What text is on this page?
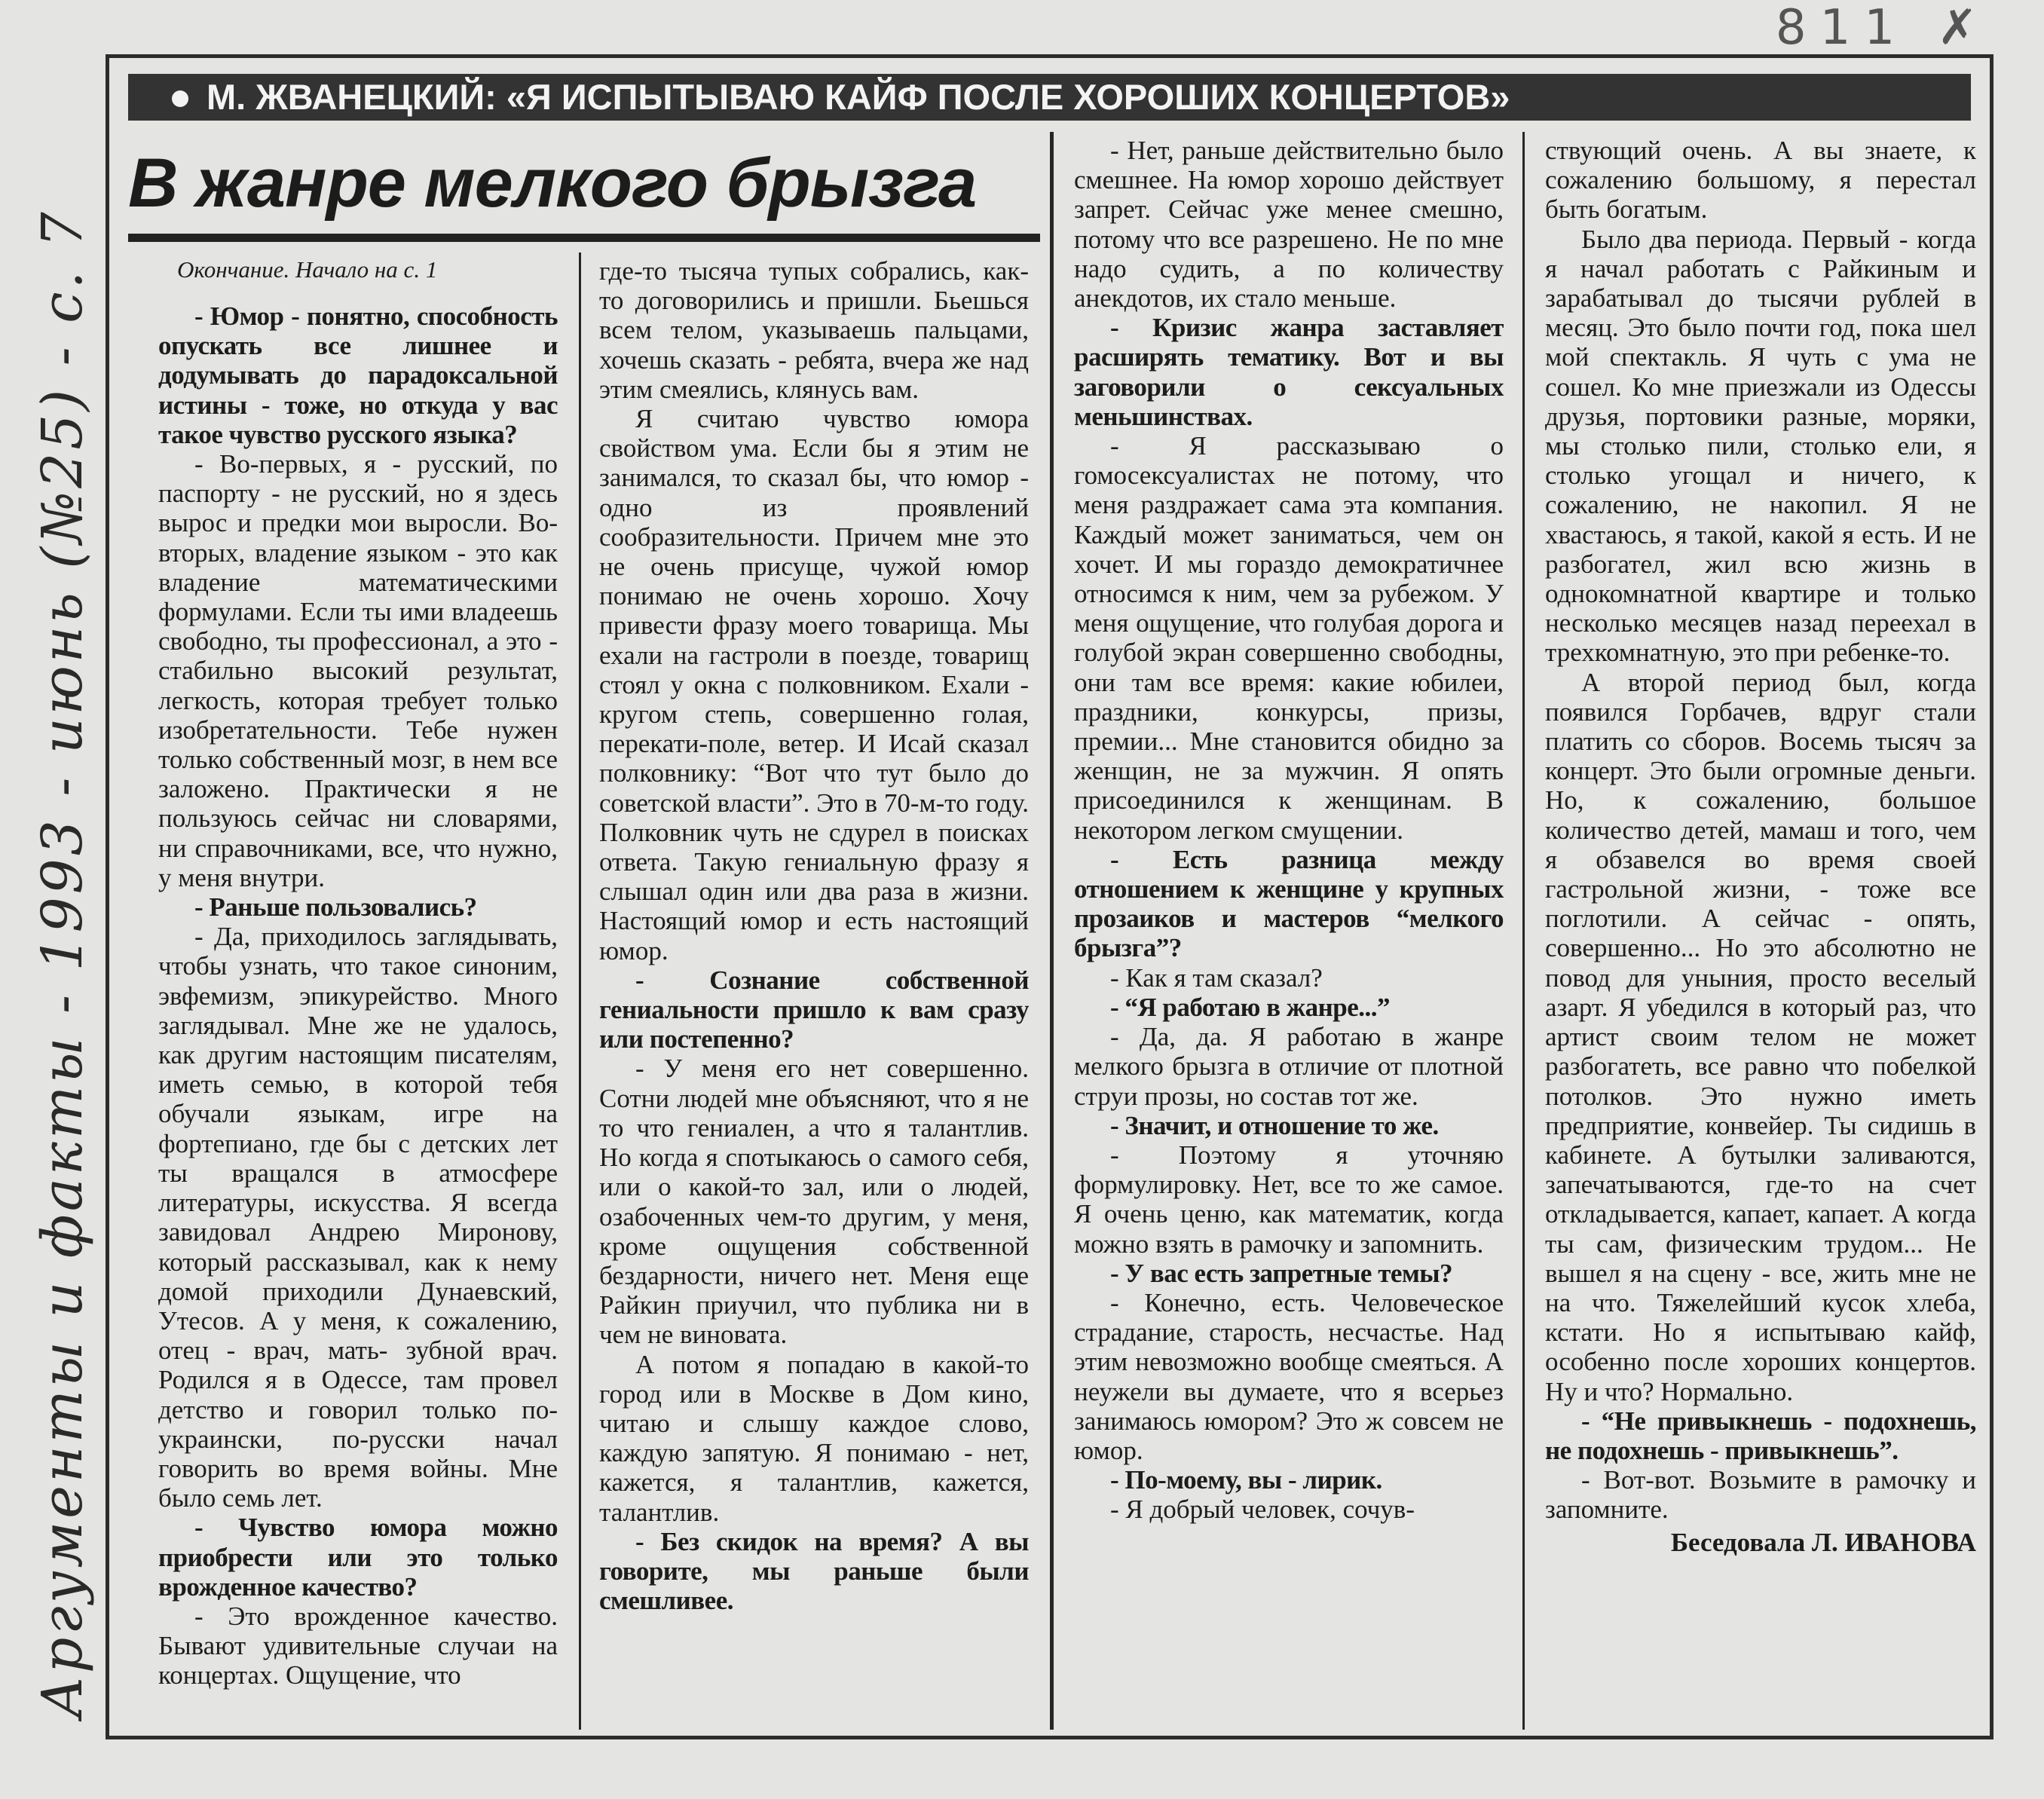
811 ✗
Аргументы и факты - 1993 - июнь (№25) - с. 7
М. ЖВАНЕЦКИЙ: «Я ИСПЫТЫВАЮ КАЙФ ПОСЛЕ ХОРОШИХ КОНЦЕРТОВ»
В жанре мелкого брызга
Окончание. Начало на с. 1

- Юмор - понятно, способность опускать все лишнее и додумывать до парадоксальной истины - тоже, но откуда у вас такое чувство русского языка?

- Во-первых, я - русский, по паспорту - не русский, но я здесь вырос и предки мои выросли. Во-вторых, владение языком - это как владение математическими формулами. Если ты ими владеешь свободно, ты профессионал, а это - стабильно высокий результат, легкость, которая требует только изобретательности. Тебе нужен только собственный мозг, в нем все заложено. Практически я не пользуюсь сейчас ни словарями, ни справочниками, все, что нужно, у меня внутри.

- Раньше пользовались?

- Да, приходилось заглядывать, чтобы узнать, что такое синоним, эвфемизм, эпикурейство. Много заглядывал. Мне же не удалось, как другим настоящим писателям, иметь семью, в которой тебя обучали языкам, игре на фортепиано, где бы с детских лет ты вращался в атмосфере литературы, искусства. Я всегда завидовал Андрею Миронову, который рассказывал, как к нему домой приходили Дунаевский, Утесов. А у меня, к сожалению, отец - врач, мать- зубной врач. Родился я в Одессе, там провел детство и говорил только по-украински, по-русски начал говорить во время войны. Мне было семь лет.

- Чувство юмора можно приобрести или это только врожденное качество?

- Это врожденное качество. Бывают удивительные случаи на концертах. Ощущение, что

где-то тысяча тупых собрались, как-то договорились и пришли. Бьешься всем телом, указываешь пальцами, хочешь сказать - ребята, вчера же над этим смеялись, клянусь вам.

Я считаю чувство юмора свойством ума. Если бы я этим не занимался, то сказал бы, что юмор - одно из проявлений сообразительности. Причем мне это не очень присуще, чужой юмор понимаю не очень хорошо. Хочу привести фразу моего товарища. Мы ехали на гастроли в поезде, товарищ стоял у окна с полковником. Ехали - кругом степь, совершенно голая, перекати-поле, ветер. И Исай сказал полковнику: “Вот что тут было до советской власти”. Это в 70-м-то году. Полковник чуть не сдурел в поисках ответа. Такую гениальную фразу я слышал один или два раза в жизни. Настоящий юмор и есть настоящий юмор.

- Сознание собственной гениальности пришло к вам сразу или постепенно?

- У меня его нет совершенно. Сотни людей мне объясняют, что я не то что гениален, а что я талантлив. Но когда я спотыкаюсь о самого себя, или о какой-то зал, или о людей, озабоченных чем-то другим, у меня, кроме ощущения собственной бездарности, ничего нет. Меня еще Райкин приучил, что публика ни в чем не виновата.

А потом я попадаю в какой-то город или в Москве в Дом кино, читаю и слышу каждое слово, каждую запятую. Я понимаю - нет, кажется, я талантлив, кажется, талантлив.

- Без скидок на время? А вы говорите, мы раньше были смешливее.

- Нет, раньше действительно было смешнее. На юмор хорошо действует запрет. Сейчас уже менее смешно, потому что все разрешено. Не по мне надо судить, а по количеству анекдотов, их стало меньше.

- Кризис жанра заставляет расширять тематику. Вот и вы заговорили о сексуальных меньшинствах.

- Я рассказываю о гомосексуалистах не потому, что меня раздражает сама эта компания. Каждый может заниматься, чем он хочет. И мы гораздо демократичнее относимся к ним, чем за рубежом. У меня ощущение, что голубая дорога и голубой экран совершенно свободны, они там все время: какие юбилеи, праздники, конкурсы, призы, премии... Мне становится обидно за женщин, не за мужчин. Я опять присоединился к женщинам. В некотором легком смущении.

- Есть разница между отношением к женщине у крупных прозаиков и мастеров “мелкого брызга”?

- Как я там сказал?

- “Я работаю в жанре...”

- Да, да. Я работаю в жанре мелкого брызга в отличие от плотной струи прозы, но состав тот же.

- Значит, и отношение то же.

- Поэтому я уточняю формулировку. Нет, все то же самое. Я очень ценю, как математик, когда можно взять в рамочку и запомнить.

- У вас есть запретные темы?

- Конечно, есть. Человеческое страдание, старость, несчастье. Над этим невозможно вообще смеяться. А неужели вы думаете, что я всерьез занимаюсь юмором? Это ж совсем не юмор.

- По-моему, вы - лирик.

- Я добрый человек, сочув-

ствующий очень. А вы знаете, к сожалению большому, я перестал быть богатым.

Было два периода. Первый - когда я начал работать с Райкиным и зарабатывал до тысячи рублей в месяц. Это было почти год, пока шел мой спектакль. Я чуть с ума не сошел. Ко мне приезжали из Одессы друзья, портовики разные, моряки, мы столько пили, столько ели, я столько угощал и ничего, к сожалению, не накопил. Я не хвастаюсь, я такой, какой я есть. И не разбогател, жил всю жизнь в однокомнатной квартире и только несколько месяцев назад переехал в трехкомнатную, это при ребенке-то.

А второй период был, когда появился Горбачев, вдруг стали платить со сборов. Восемь тысяч за концерт. Это были огромные деньги. Но, к сожалению, большое количество детей, мамаш и того, чем я обзавелся во время своей гастрольной жизни, - тоже все поглотили. А сейчас - опять, совершенно... Но это абсолютно не повод для уныния, просто веселый азарт. Я убедился в который раз, что артист своим телом не может разбогатеть, все равно что побелкой потолков. Это нужно иметь предприятие, конвейер. Ты сидишь в кабинете. А бутылки заливаются, запечатываются, где-то на счет откладывается, капает, капает. А когда ты сам, физическим трудом... Не вышел я на сцену - все, жить мне не на что. Тяжелейший кусок хлеба, кстати. Но я испытываю кайф, особенно после хороших концертов. Ну и что? Нормально.

- “Не привыкнешь - подохнешь, не подохнешь - привыкнешь”.

- Вот-вот. Возьмите в рамочку и запомните.

Беседовала Л. ИВАНОВА
